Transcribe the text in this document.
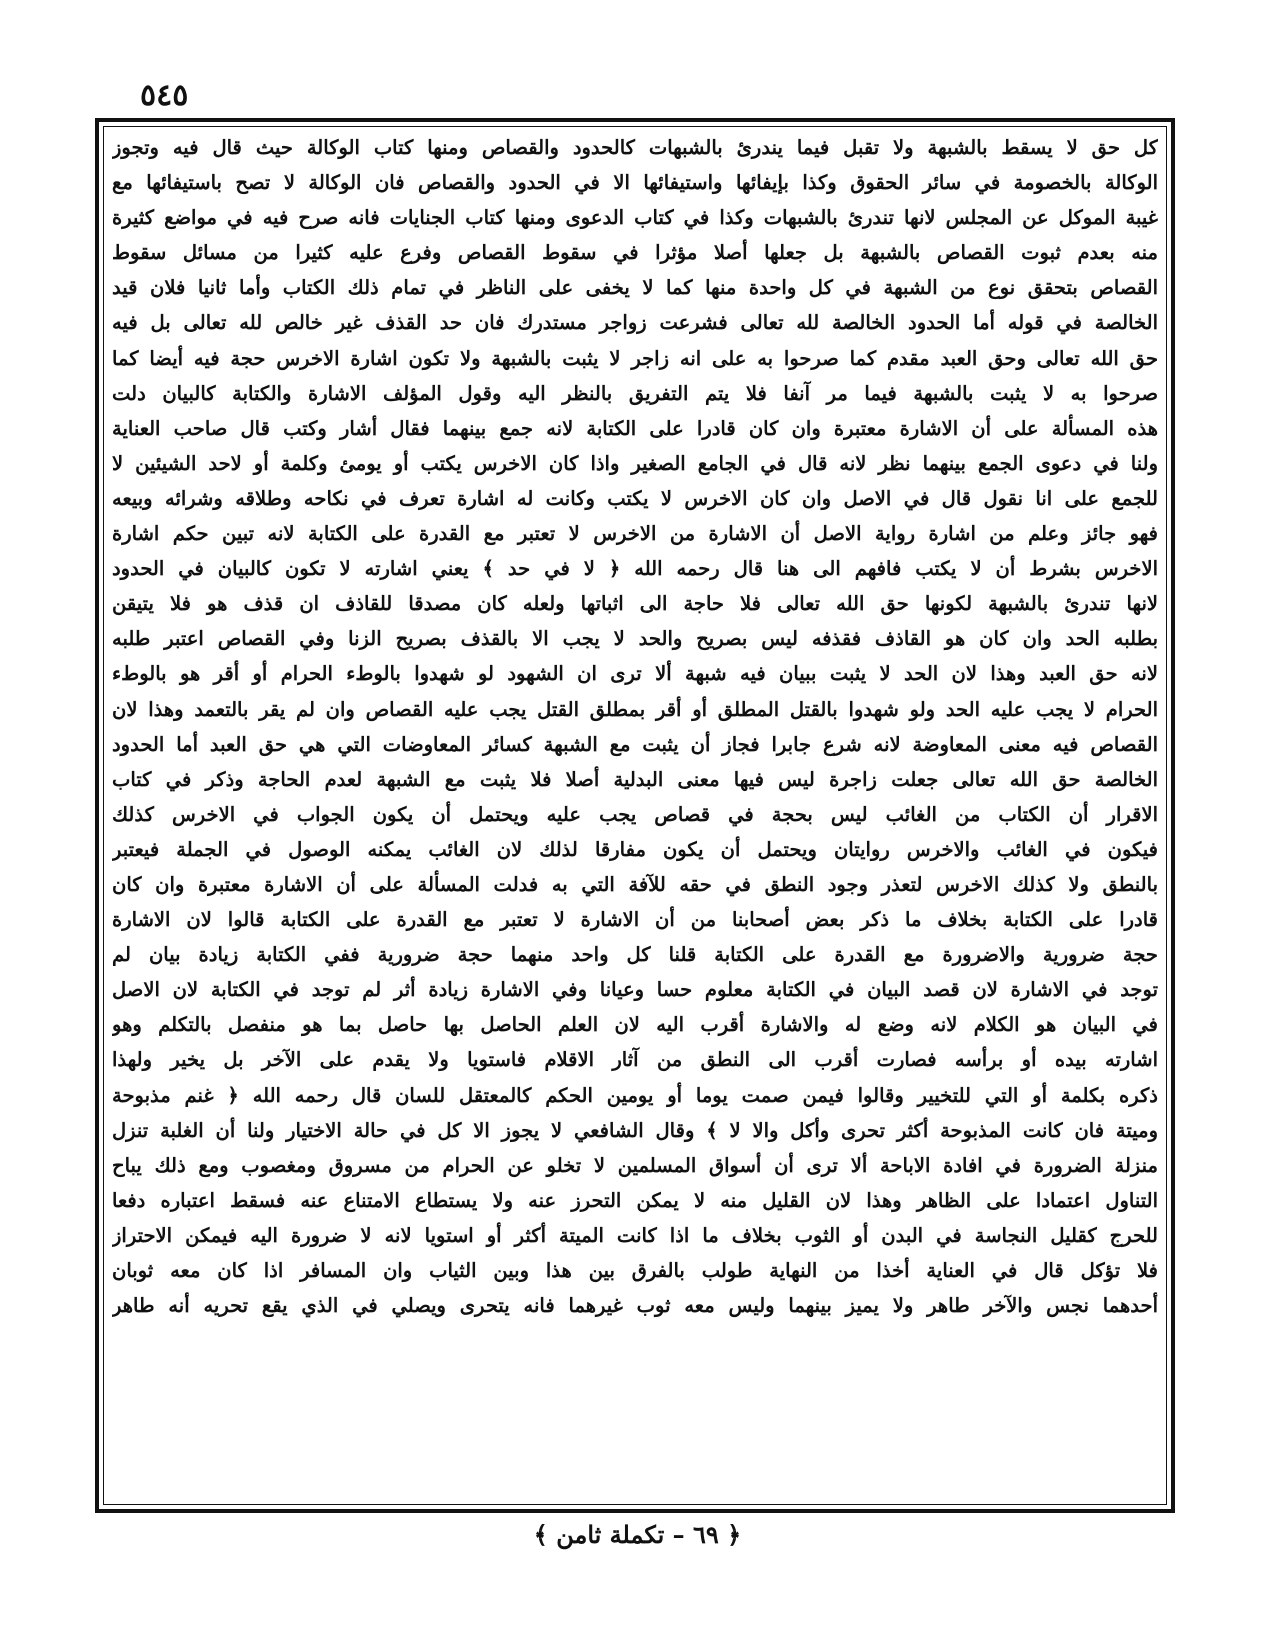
٥٤٥
كل حق لا يسقط بالشبهة ولا تقبل فيما يندرئ بالشبهات كالحدود والقصاص ومنها كتاب الوكالة حيث قال فيه وتجوز
الوكالة بالخصومة في سائر الحقوق وكذا بإيفائها واستيفائها الا في الحدود والقصاص فان الوكالة لا تصح باستيفائها مع
غيبة الموكل عن المجلس لانها تندرئ بالشبهات وكذا في كتاب الدعوى ومنها كتاب الجنايات فانه صرح فيه في مواضع كثيرة
منه بعدم ثبوت القصاص بالشبهة بل جعلها أصلا مؤثرا في سقوط القصاص وفرع عليه كثيرا من مسائل سقوط
القصاص بتحقق نوع من الشبهة في كل واحدة منها كما لا يخفى على الناظر في تمام ذلك الكتاب وأما ثانيا فلان قيد
الخالصة في قوله أما الحدود الخالصة لله تعالى فشرعت زواجر مستدرك فان حد القذف غير خالص لله تعالى بل فيه
حق الله تعالى وحق العبد مقدم كما صرحوا به على انه زاجر لا يثبت بالشبهة ولا تكون اشارة الاخرس حجة فيه أيضا كما
صرحوا به لا يثبت بالشبهة فيما مر آنفا فلا يتم التفريق بالنظر اليه وقول المؤلف الاشارة والكتابة كالبيان دلت
هذه المسألة على أن الاشارة معتبرة وان كان قادرا على الكتابة لانه جمع بينهما فقال أشار وكتب قال صاحب العناية
ولنا في دعوى الجمع بينهما نظر لانه قال في الجامع الصغير واذا كان الاخرس يكتب أو يومئ وكلمة أو لاحد الشيئين لا
للجمع على انا نقول قال في الاصل وان كان الاخرس لا يكتب وكانت له اشارة تعرف في نكاحه وطلاقه وشرائه وبيعه
فهو جائز وعلم من اشارة رواية الاصل أن الاشارة من الاخرس لا تعتبر مع القدرة على الكتابة لانه تبين حكم اشارة
الاخرس بشرط أن لا يكتب فافهم الى هنا قال رحمه الله ﴿ لا في حد ﴾ يعني اشارته لا تكون كالبيان في الحدود
لانها تندرئ بالشبهة لكونها حق الله تعالى فلا حاجة الى اثباتها ولعله كان مصدقا للقاذف ان قذف هو فلا يتيقن
بطلبه الحد وان كان هو القاذف فقذفه ليس بصريح والحد لا يجب الا بالقذف بصريح الزنا وفي القصاص اعتبر طلبه
لانه حق العبد وهذا لان الحد لا يثبت ببيان فيه شبهة ألا ترى ان الشهود لو شهدوا بالوطء الحرام أو أقر هو بالوطء
الحرام لا يجب عليه الحد ولو شهدوا بالقتل المطلق أو أقر بمطلق القتل يجب عليه القصاص وان لم يقر بالتعمد وهذا لان
القصاص فيه معنى المعاوضة لانه شرع جابرا فجاز أن يثبت مع الشبهة كسائر المعاوضات التي هي حق العبد أما الحدود
الخالصة حق الله تعالى جعلت زاجرة ليس فيها معنى البدلية أصلا فلا يثبت مع الشبهة لعدم الحاجة وذكر في كتاب
الاقرار أن الكتاب من الغائب ليس بحجة في قصاص يجب عليه ويحتمل أن يكون الجواب في الاخرس كذلك
فيكون في الغائب والاخرس روايتان ويحتمل أن يكون مفارقا لذلك لان الغائب يمكنه الوصول في الجملة فيعتبر
بالنطق ولا كذلك الاخرس لتعذر وجود النطق في حقه للآفة التي به فدلت المسألة على أن الاشارة معتبرة وان كان
قادرا على الكتابة بخلاف ما ذكر بعض أصحابنا من أن الاشارة لا تعتبر مع القدرة على الكتابة قالوا لان الاشارة
حجة ضرورية والاضرورة مع القدرة على الكتابة قلنا كل واحد منهما حجة ضرورية ففي الكتابة زيادة بيان لم
توجد في الاشارة لان قصد البيان في الكتابة معلوم حسا وعيانا وفي الاشارة زيادة أثر لم توجد في الكتابة لان الاصل
في البيان هو الكلام لانه وضع له والاشارة أقرب اليه لان العلم الحاصل بها حاصل بما هو منفصل بالتكلم وهو
اشارته بيده أو برأسه فصارت أقرب الى النطق من آثار الاقلام فاستويا ولا يقدم على الآخر بل يخير ولهذا
ذكره بكلمة أو التي للتخيير وقالوا فيمن صمت يوما أو يومين الحكم كالمعتقل للسان قال رحمه الله ﴿ غنم مذبوحة
وميتة فان كانت المذبوحة أكثر تحرى وأكل والا لا ﴾ وقال الشافعي لا يجوز الا كل في حالة الاختيار ولنا أن الغلبة تنزل
منزلة الضرورة في افادة الاباحة ألا ترى أن أسواق المسلمين لا تخلو عن الحرام من مسروق ومغصوب ومع ذلك يباح
التناول اعتمادا على الظاهر وهذا لان القليل منه لا يمكن التحرز عنه ولا يستطاع الامتناع عنه فسقط اعتباره دفعا
للحرج كقليل النجاسة في البدن أو الثوب بخلاف ما اذا كانت الميتة أكثر أو استويا لانه لا ضرورة اليه فيمكن الاحتراز
فلا تؤكل قال في العناية أخذا من النهاية طولب بالفرق بين هذا وبين الثياب وان المسافر اذا كان معه ثوبان
أحدهما نجس والآخر طاهر ولا يميز بينهما وليس معه ثوب غيرهما فانه يتحرى ويصلي في الذي يقع تحريه أنه طاهر
﴿ ٦٩ – تكملة ثامن ﴾
